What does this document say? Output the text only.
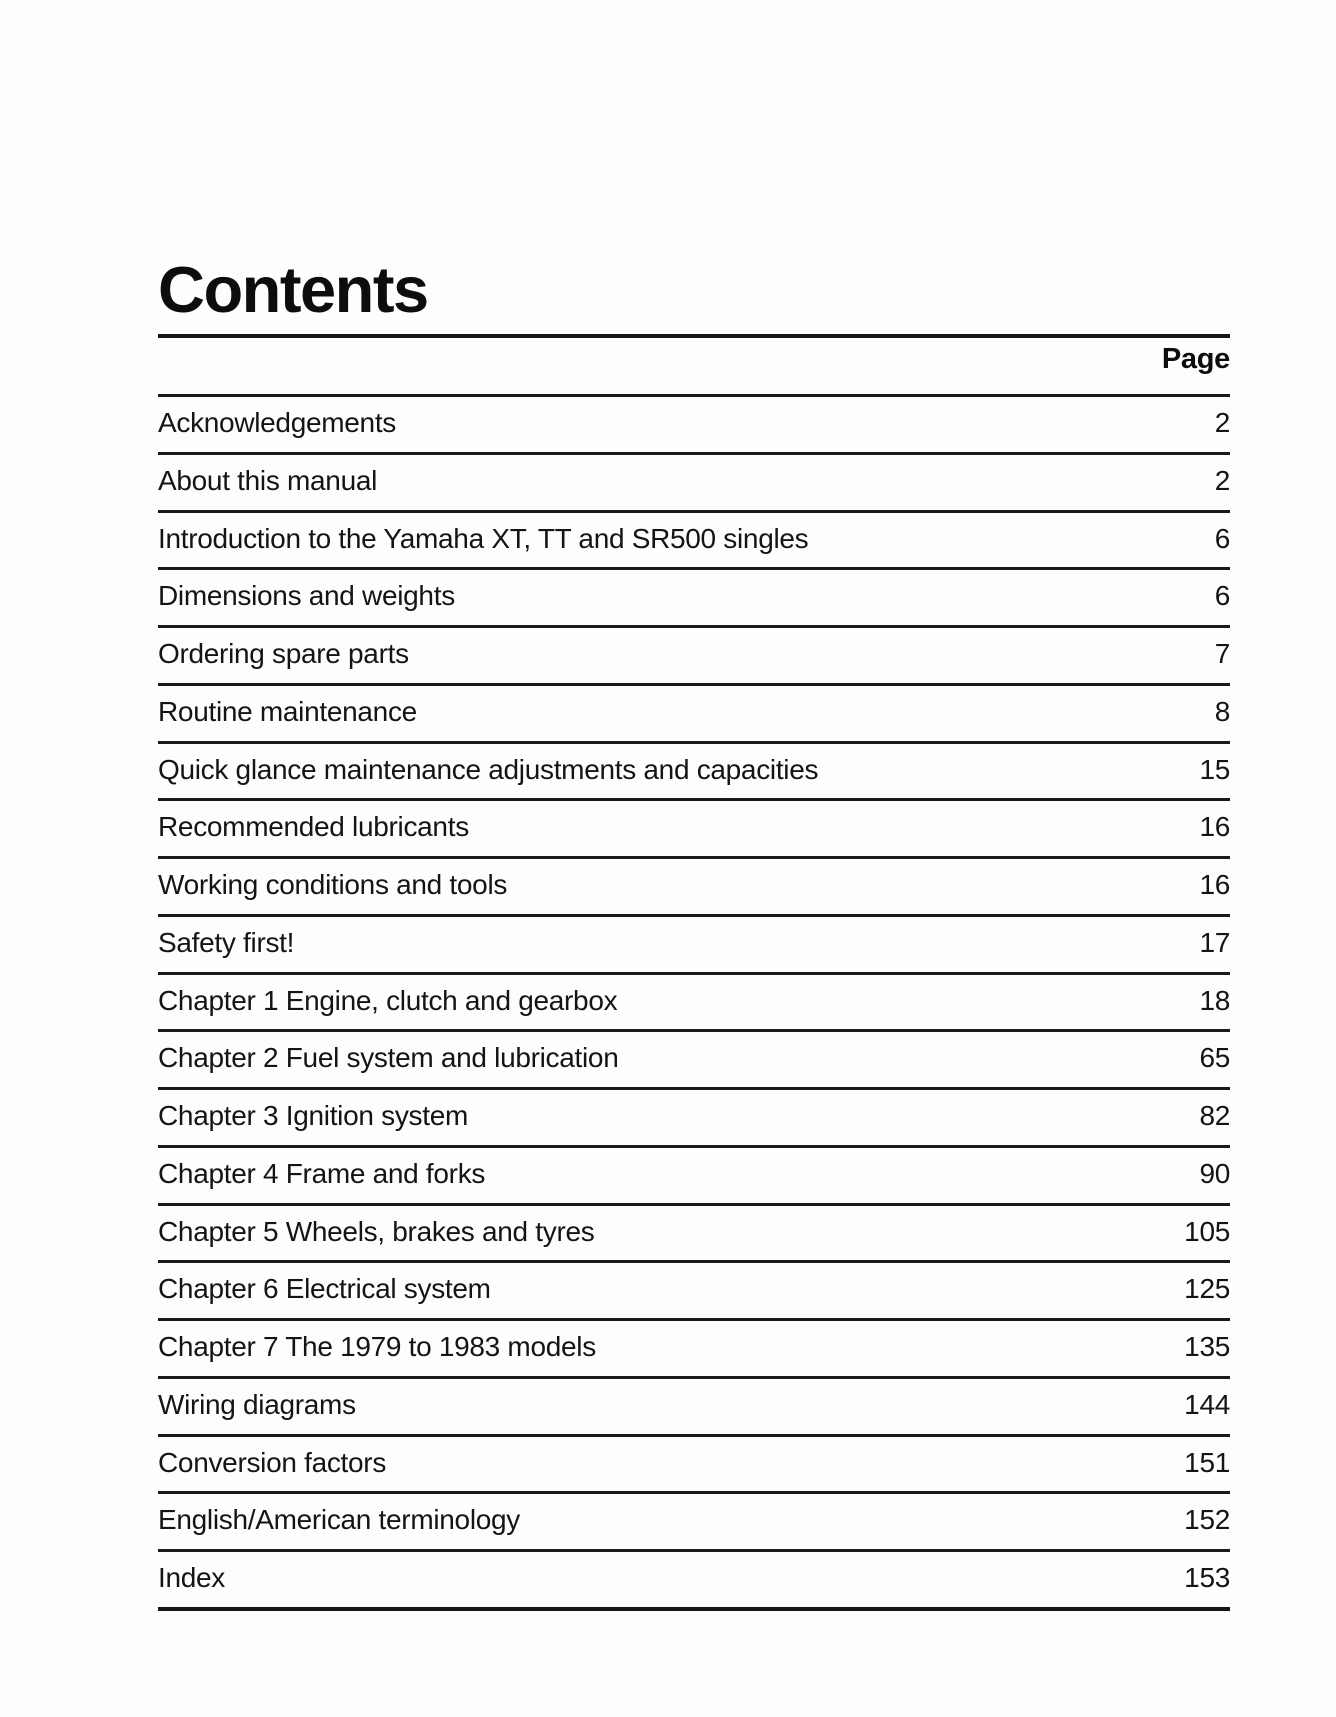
Contents
Page
Acknowledgements	2
About this manual	2
Introduction to the Yamaha XT, TT and SR500 singles	6
Dimensions and weights	6
Ordering spare parts	7
Routine maintenance	8
Quick glance maintenance adjustments and capacities	15
Recommended lubricants	16
Working conditions and tools	16
Safety first!	17
Chapter 1 Engine, clutch and gearbox	18
Chapter 2 Fuel system and lubrication	65
Chapter 3 Ignition system	82
Chapter 4 Frame and forks	90
Chapter 5 Wheels, brakes and tyres	105
Chapter 6 Electrical system	125
Chapter 7 The 1979 to 1983 models	135
Wiring diagrams	144
Conversion factors	151
English/American terminology	152
Index	153
